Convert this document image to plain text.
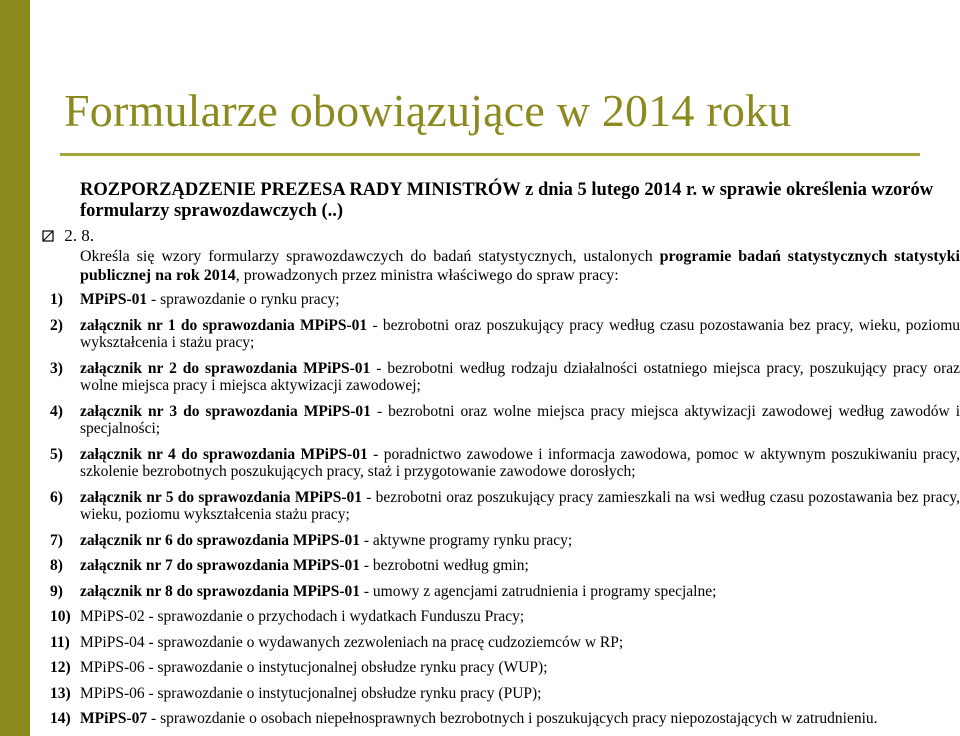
Formularze obowiązujące w 2014 roku

ROZPORZĄDZENIE PREZESA RADY MINISTRÓW z dnia 5 lutego 2014 r. w sprawie określenia wzorów formularzy sprawozdawczych (..)

2. 8.

Określa się wzory formularzy sprawozdawczych do badań statystycznych, ustalonych programie badań statystycznych statystyki publicznej na rok 2014, prowadzonych przez ministra właściwego do spraw pracy:

1) MPiPS-01 - sprawozdanie o rynku pracy;
2) załącznik nr 1 do sprawozdania MPiPS-01 - bezrobotni oraz poszukujący pracy według czasu pozostawania bez pracy, wieku, poziomu wykształcenia i stażu pracy;
3) załącznik nr 2 do sprawozdania MPiPS-01 - bezrobotni według rodzaju działalności ostatniego miejsca pracy, poszukujący pracy oraz wolne miejsca pracy i miejsca aktywizacji zawodowej;
4) załącznik nr 3 do sprawozdania MPiPS-01 - bezrobotni oraz wolne miejsca pracy miejsca aktywizacji zawodowej według zawodów i specjalności;
5) załącznik nr 4 do sprawozdania MPiPS-01 - poradnictwo zawodowe i informacja zawodowa, pomoc w aktywnym poszukiwaniu pracy, szkolenie bezrobotnych poszukujących pracy, staż i przygotowanie zawodowe dorosłych;
6) załącznik nr 5 do sprawozdania MPiPS-01 - bezrobotni oraz poszukujący pracy zamieszkali na wsi według czasu pozostawania bez pracy, wieku, poziomu wykształcenia stażu pracy;
7) załącznik nr 6 do sprawozdania MPiPS-01 - aktywne programy rynku pracy;
8) załącznik nr 7 do sprawozdania MPiPS-01 - bezrobotni według gmin;
9) załącznik nr 8 do sprawozdania MPiPS-01 - umowy z agencjami zatrudnienia i programy specjalne;
10) MPiPS-02 - sprawozdanie o przychodach i wydatkach Funduszu Pracy;
11) MPiPS-04 - sprawozdanie o wydawanych zezwoleniach na pracę cudzoziemców w RP;
12) MPiPS-06 - sprawozdanie o instytucjonalnej obsłudze rynku pracy (WUP);
13) MPiPS-06 - sprawozdanie o instytucjonalnej obsłudze rynku pracy (PUP);
14) MPiPS-07 - sprawozdanie o osobach niepełnosprawnych bezrobotnych i poszukujących pracy niepozostających w zatrudnieniu.
